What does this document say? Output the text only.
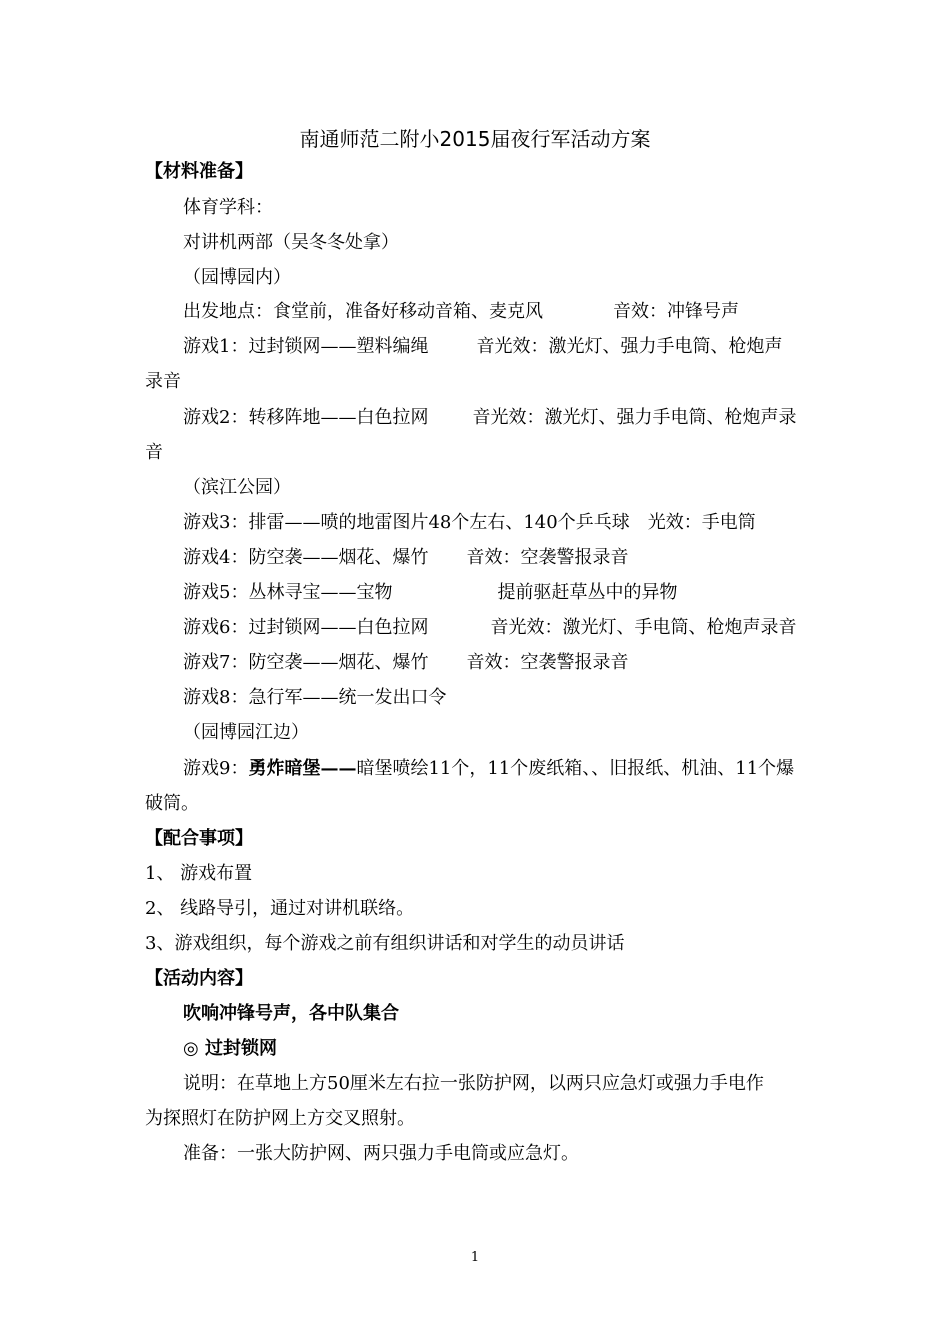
南通师范二附小2015届夜行军活动方案
【材料准备】
体育学科：
对讲机两部（吴冬冬处拿）
（园博园内）
出发地点：食堂前，准备好移动音箱、麦克风	音效：冲锋号声
游戏1：过封锁网——塑料编绳	音光效：激光灯、强力手电筒、枪炮声
录音
游戏2：转移阵地——白色拉网 音光效：激光灯、强力手电筒、枪炮声录
音
（滨江公园）
游戏3：排雷——喷的地雷图片48个左右、140个乒乓球　光效：手电筒
游戏4：防空袭——烟花、爆竹 音效：空袭警报录音
游戏5：丛林寻宝——宝物	提前驱赶草丛中的异物
游戏6：过封锁网——白色拉网	音光效：激光灯、手电筒、枪炮声录音
游戏7：防空袭——烟花、爆竹 音效：空袭警报录音
游戏8：急行军——统一发出口令
（园博园江边）
游戏9：勇炸暗堡——暗堡喷绘11个，11个废纸箱、、旧报纸、机油、11个爆
破筒。
【配合事项】
1、 游戏布置
2、 线路导引，通过对讲机联络。
3、游戏组织，每个游戏之前有组织讲话和对学生的动员讲话
【活动内容】
吹响冲锋号声，各中队集合
◎ 过封锁网
说明：在草地上方50厘米左右拉一张防护网，以两只应急灯或强力手电作
为探照灯在防护网上方交叉照射。
准备：一张大防护网、两只强力手电筒或应急灯。
1
